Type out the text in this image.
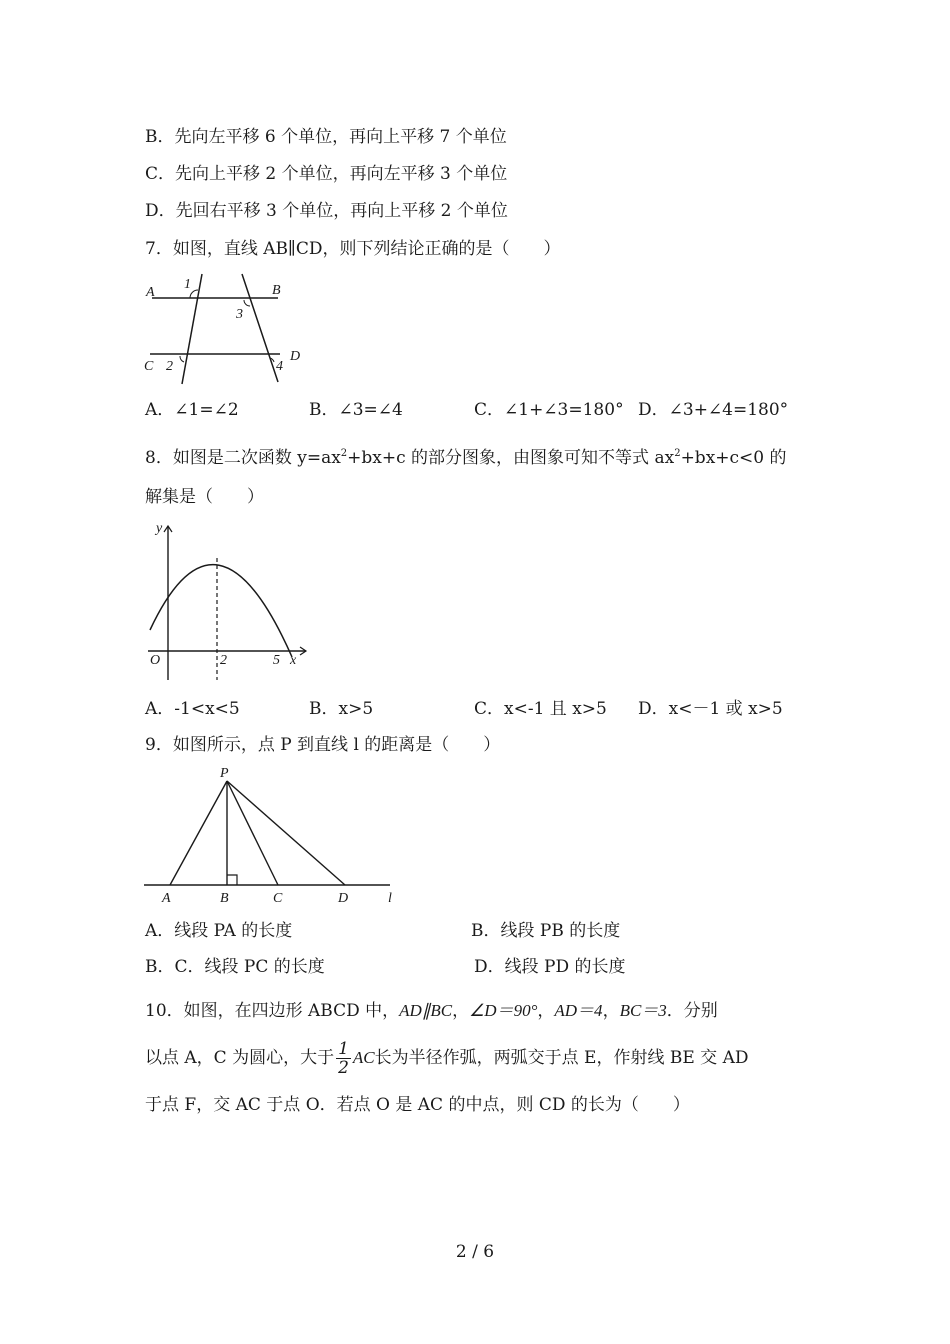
B．先向左平移 6 个单位，再向上平移 7 个单位
C．先向上平移 2 个单位，再向左平移 3 个单位
D．先回右平移 3 个单位，再向上平移 2 个单位
7．如图，直线 AB∥CD，则下列结论正确的是（　　）
A
1	B
3
C 2	4
D
A．∠1=∠2	B．∠3=∠4	C．∠1+∠3=180° D．∠3+∠4=180°
8．如图是二次函数 $y=ax^2+bx+c$ 的部分图象，由图象可知不等式 $ax^2+bx+c<0$ 的
解集是（　　）
y
O	2	5 x
A．-1<x<5	B．x>5	C．x<-1 且 x>5 D．x<－1 或 x>5
9．如图所示，点 P 到直线 l 的距离是（　　）
P
A	B	C	D	l
A．线段 PA 的长度	B．线段 PB 的长度
B．C．线段 PC 的长度	D．线段 PD 的长度
10．如图，在四边形 ABCD 中，AD∥BC，∠D＝90°，AD＝4，BC＝3．分别
以点 A，C 为圆心，大于 $\frac{1}{2}$ AC长为半径作弧，两弧交于点 E，作射线 BE 交 AD
于点 F，交 AC 于点 O．若点 O 是 AC 的中点，则 CD 的长为（　　）
2 / 6
